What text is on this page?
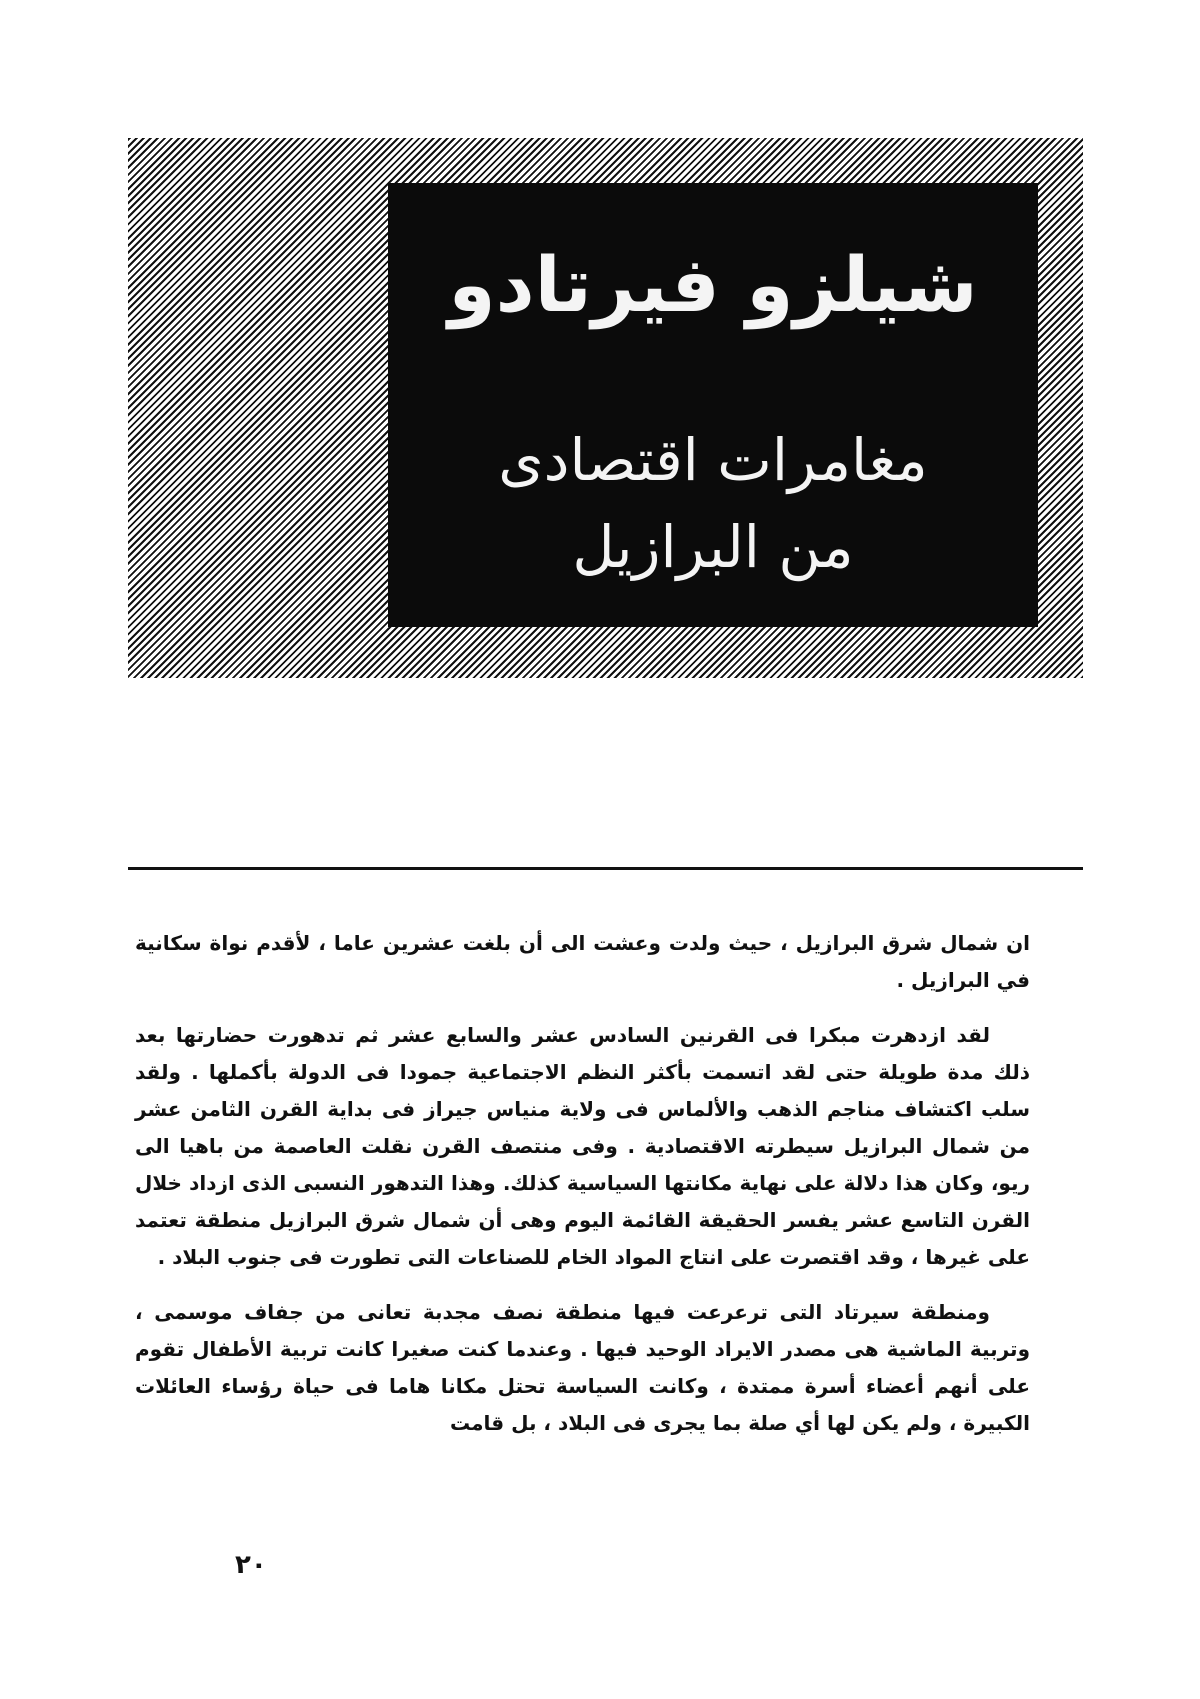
شيلزو فيرتادو
مغامرات اقتصادى
من البرازيل

ان شمال شرق البرازيل ، حيث ولدت وعشت الى أن بلغت عشرين عاما ، لأقدم نواة سكانية في البرازيل .

لقد ازدهرت مبكرا فى القرنين السادس عشر والسابع عشر ثم تدهورت حضارتها بعد ذلك مدة طويلة حتى لقد اتسمت بأكثر النظم الاجتماعية جمودا فى الدولة بأكملها . ولقد سلب اكتشاف مناجم الذهب والألماس فى ولاية منياس جيراز فى بداية القرن الثامن عشر من شمال البرازيل سيطرته الاقتصادية . وفى منتصف القرن نقلت العاصمة من باهيا الى ريو، وكان هذا دلالة على نهاية مكانتها السياسية كذلك. وهذا التدهور النسبى الذى ازداد خلال القرن التاسع عشر يفسر الحقيقة القائمة اليوم وهى أن شمال شرق البرازيل منطقة تعتمد على غيرها ، وقد اقتصرت على انتاج المواد الخام للصناعات التى تطورت فى جنوب البلاد .

ومنطقة سيرتاد التى ترعرعت فيها منطقة نصف مجدبة تعانى من جفاف موسمى ، وتربية الماشية هى مصدر الايراد الوحيد فيها . وعندما كنت صغيرا كانت تربية الأطفال تقوم على أنهم أعضاء أسرة ممتدة ، وكانت السياسة تحتل مكانا هاما فى حياة رؤساء العائلات الكبيرة ، ولم يكن لها أي صلة بما يجرى فى البلاد ، بل قامت

٢٠
